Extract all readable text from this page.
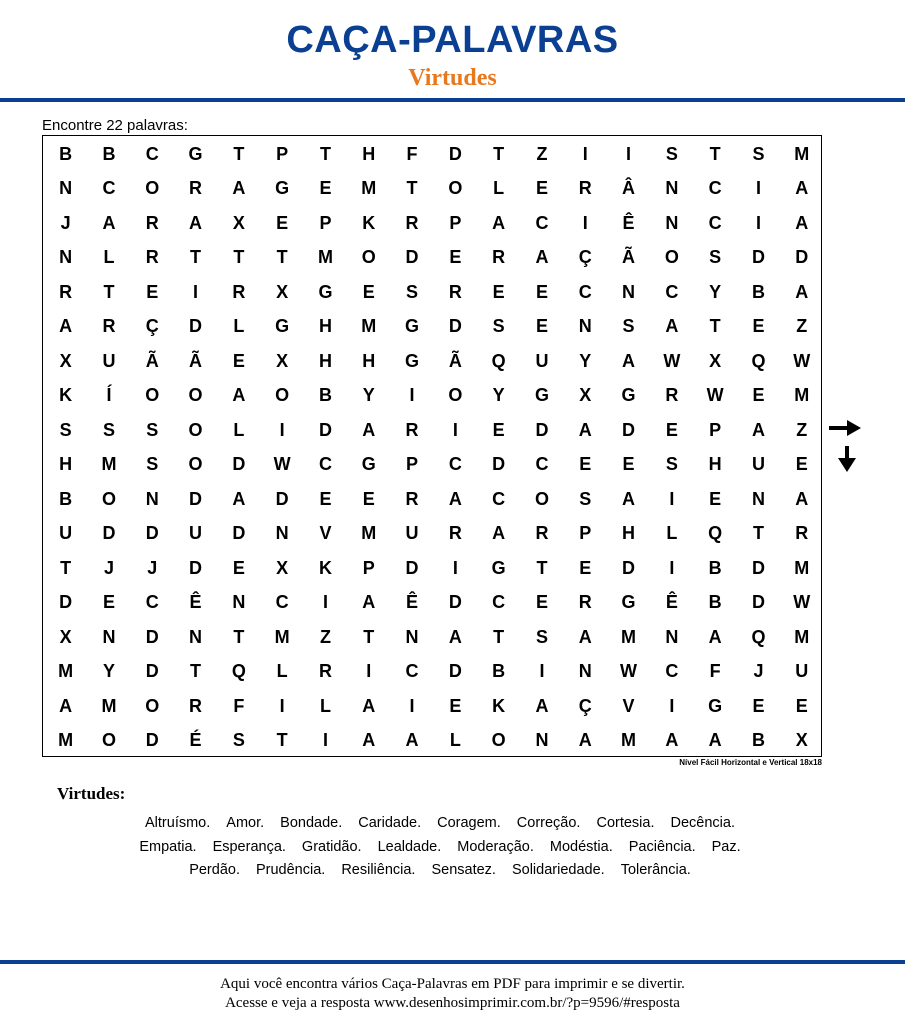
CAÇA-PALAVRAS
Virtudes
Encontre 22 palavras:
B	B	C	G	T	P	T	H	F	D	T	Z	I	I	S	T	S	M
N	C	O	R	A	G	E	M	T	O	L	E	R	Â	N	C	I	A
J	A	R	A	X	E	P	K	R	P	A	C	I	Ê	N	C	I	A
N	L	R	T	T	T	M	O	D	E	R	A	Ç	Ã	O	S	D	D
R	T	E	I	R	X	G	E	S	R	E	E	C	N	C	Y	B	A
A	R	Ç	D	L	G	H	M	G	D	S	E	N	S	A	T	E	Z
X	U	Ã	Ã	E	X	H	H	G	Ã	Q	U	Y	A	W	X	Q	W
K	Í	O	O	A	O	B	Y	I	O	Y	G	X	G	R	W	E	M
S	S	S	O	L	I	D	A	R	I	E	D	A	D	E	P	A	Z
H	M	S	O	D	W	C	G	P	C	D	C	E	E	S	H	U	E
B	O	N	D	A	D	E	E	R	A	C	O	S	A	I	E	N	A
U	D	D	U	D	N	V	M	U	R	A	R	P	H	L	Q	T	R
T	J	J	D	E	X	K	P	D	I	G	T	E	D	I	B	D	M
D	E	C	Ê	N	C	I	A	Ê	D	C	E	R	G	Ê	B	D	W
X	N	D	N	T	M	Z	T	N	A	T	S	A	M	N	A	Q	M
M	Y	D	T	Q	L	R	I	C	D	B	I	N	W	C	F	J	U
A	M	O	R	F	I	L	A	I	E	K	A	Ç	V	I	G	E	E
M	O	D	É	S	T	I	A	A	L	O	N	A	M	A	A	B	X
Nível Fácil Horizontal e Vertical 18x18
Virtudes:
Altruísmo. Amor. Bondade. Caridade. Coragem. Correção. Cortesia. Decência.
Empatia. Esperança. Gratidão. Lealdade. Moderação. Modéstia. Paciência. Paz.
Perdão. Prudência. Resiliência. Sensatez. Solidariedade. Tolerância.
Aqui você encontra vários Caça-Palavras em PDF para imprimir e se divertir.
Acesse e veja a resposta www.desenhosimprimir.com.br/?p=9596/#resposta
